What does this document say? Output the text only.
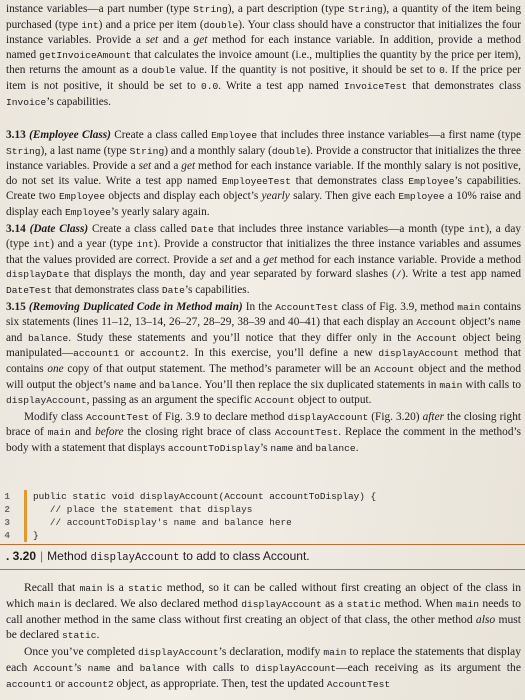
instance variables—a part number (type String), a part description (type String), a quantity of the item being purchased (type int) and a price per item (double). Your class should have a constructor that initializes the four instance variables. Provide a set and a get method for each instance variable. In addition, provide a method named getInvoiceAmount that calculates the invoice amount (i.e., multiplies the quantity by the price per item), then returns the amount as a double value. If the quantity is not positive, it should be set to 0. If the price per item is not positive, it should be set to 0.0. Write a test app named InvoiceTest that demonstrates class Invoice’s capabilities.

3.13 (Employee Class) Create a class called Employee that includes three instance variables—a first name (type String), a last name (type String) and a monthly salary (double). Provide a constructor that initializes the three instance variables. Provide a set and a get method for each instance variable. If the monthly salary is not positive, do not set its value. Write a test app named EmployeeTest that demonstrates class Employee’s capabilities. Create two Employee objects and display each object’s yearly salary. Then give each Employee a 10% raise and display each Employee’s yearly salary again.

3.14 (Date Class) Create a class called Date that includes three instance variables—a month (type int), a day (type int) and a year (type int). Provide a constructor that initializes the three instance variables and assumes that the values provided are correct. Provide a set and a get method for each instance variable. Provide a method displayDate that displays the month, day and year separated by forward slashes (/). Write a test app named DateTest that demonstrates class Date’s capabilities.

3.15 (Removing Duplicated Code in Method main) In the AccountTest class of Fig. 3.9, method main contains six statements (lines 11–12, 13–14, 26–27, 28–29, 38–39 and 40–41) that each display an Account object’s name and balance. Study these statements and you’ll notice that they differ only in the Account object being manipulated—account1 or account2. In this exercise, you’ll define a new displayAccount method that contains one copy of that output statement. The method’s parameter will be an Account object and the method will output the object’s name and balance. You’ll then replace the six duplicated statements in main with calls to displayAccount, passing as an argument the specific Account object to output.

Modify class AccountTest of Fig. 3.9 to declare method displayAccount (Fig. 3.20) after the closing right brace of main and before the closing right brace of class AccountTest. Replace the comment in the method’s body with a statement that displays accountToDisplay’s name and balance.

1	public static void displayAccount(Account accountToDisplay) {
2	// place the statement that displays
3	// accountToDisplay's name and balance here
4	}
. 3.20 | Method displayAccount to add to class Account.

Recall that main is a static method, so it can be called without first creating an object of the class in which main is declared. We also declared method displayAccount as a static method. When main needs to call another method in the same class without first creating an object of that class, the other method also must be declared static.

Once you’ve completed displayAccount’s declaration, modify main to replace the statements that display each Account’s name and balance with calls to displayAccount—each receiving as its argument the account1 or account2 object, as appropriate. Then, test the updated AccountTest
